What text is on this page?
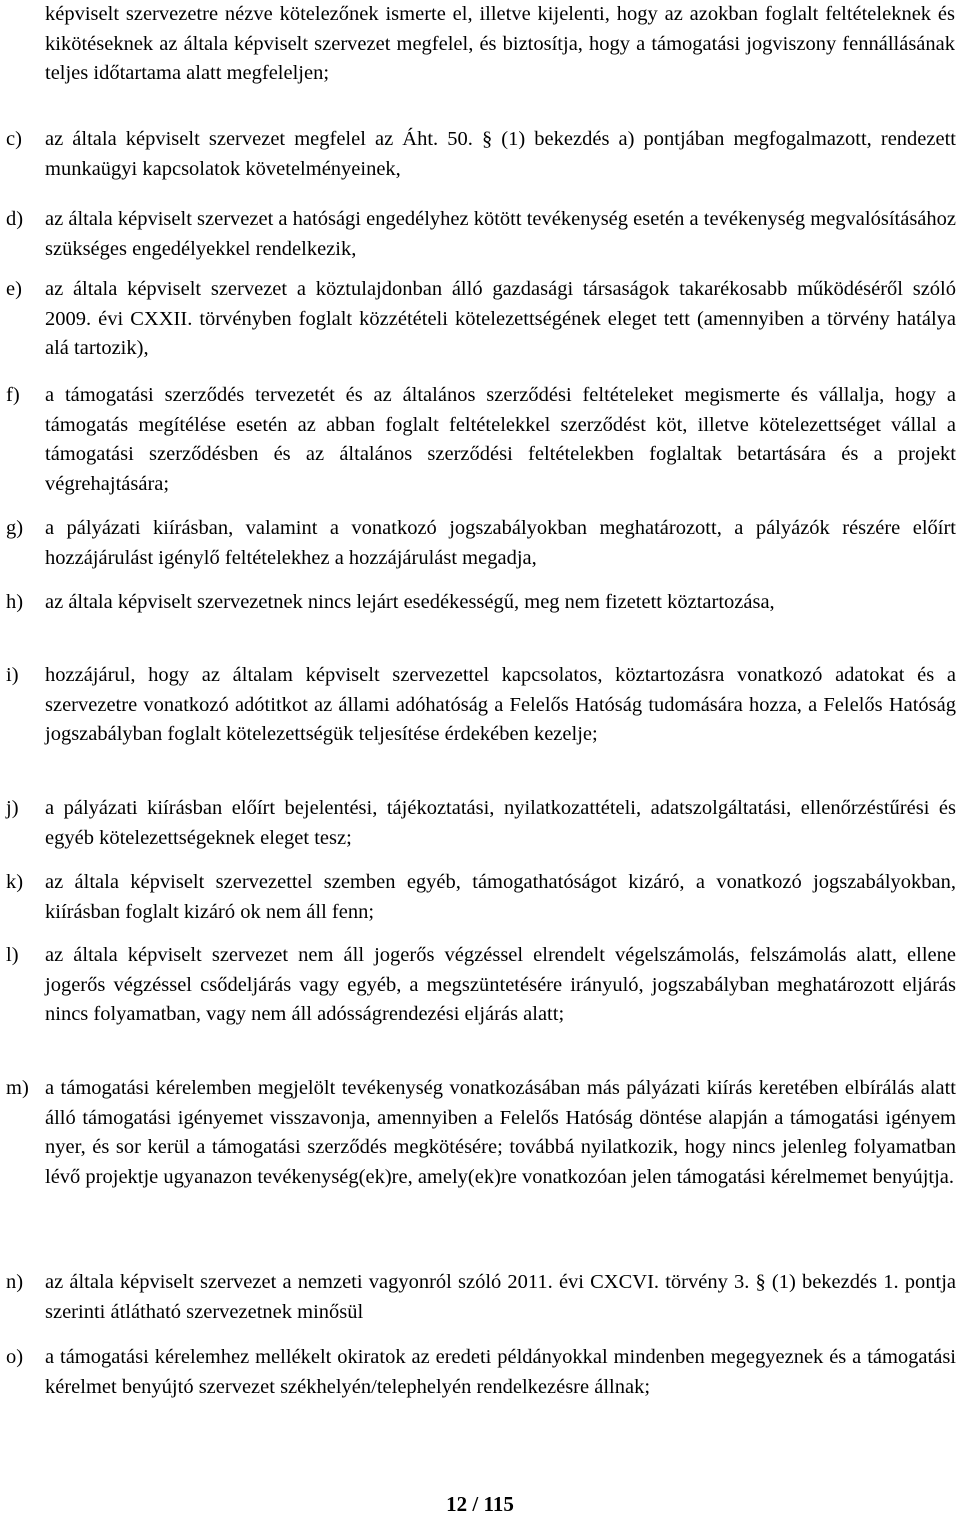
képviselt szervezetre nézve kötelezőnek ismerte el, illetve kijelenti, hogy az azokban foglalt feltételeknek és kikötéseknek az általa képviselt szervezet megfelel, és biztosítja, hogy a támogatási jogviszony fennállásának teljes időtartama alatt megfeleljen;
c)	az általa képviselt szervezet megfelel az Áht. 50. § (1) bekezdés a) pontjában megfogalmazott, rendezett munkaügyi kapcsolatok követelményeinek,
d)	az általa képviselt szervezet a hatósági engedélyhez kötött tevékenység esetén a tevékenység megvalósításához szükséges engedélyekkel rendelkezik,
e)	az általa képviselt szervezet a köztulajdonban álló gazdasági társaságok takarékosabb működéséről szóló 2009. évi CXXII. törvényben foglalt közzétételi kötelezettségének eleget tett (amennyiben a törvény hatálya alá tartozik),
f)	a támogatási szerződés tervezetét és az általános szerződési feltételeket megismerte és vállalja, hogy a támogatás megítélése esetén az abban foglalt feltételekkel szerződést köt, illetve kötelezettséget vállal a támogatási szerződésben és az általános szerződési feltételekben foglaltak betartására és a projekt végrehajtására;
g)	a pályázati kiírásban, valamint a vonatkozó jogszabályokban meghatározott, a pályázók részére előírt hozzájárulást igénylő feltételekhez a hozzájárulást megadja,
h)	az általa képviselt szervezetnek nincs lejárt esedékességű, meg nem fizetett köztartozása,
i)	hozzájárul, hogy az általam képviselt szervezettel kapcsolatos, köztartozásra vonatkozó adatokat és a szervezetre vonatkozó adótitkot az állami adóhatóság a Felelős Hatóság tudomására hozza, a Felelős Hatóság jogszabályban foglalt kötelezettségük teljesítése érdekében kezelje;
j)	a pályázati kiírásban előírt bejelentési, tájékoztatási, nyilatkozattételi, adatszolgáltatási, ellenőrzéstűrési és egyéb kötelezettségeknek eleget tesz;
k)	az általa képviselt szervezettel szemben egyéb, támogathatóságot kizáró, a vonatkozó jogszabályokban, kiírásban foglalt kizáró ok nem áll fenn;
l)	az általa képviselt szervezet nem áll jogerős végzéssel elrendelt végelszámolás, felszámolás alatt, ellene jogerős végzéssel csődeljárás vagy egyéb, a megszüntetésére irányuló, jogszabályban meghatározott eljárás nincs folyamatban, vagy nem áll adósságrendezési eljárás alatt;
m) a támogatási kérelemben megjelölt tevékenység vonatkozásában más pályázati kiírás keretében elbírálás alatt álló támogatási igényemet visszavonja, amennyiben a Felelős Hatóság döntése alapján a támogatási igényem nyer, és sor kerül a támogatási szerződés megkötésére; továbbá nyilatkozik, hogy nincs jelenleg folyamatban lévő projektje ugyanazon tevékenység(ek)re, amely(ek)re vonatkozóan jelen támogatási kérelmemet benyújtja.
n)	az általa képviselt szervezet a nemzeti vagyonról szóló 2011. évi CXCVI. törvény 3. § (1) bekezdés 1. pontja szerinti átlátható szervezetnek minősül
o)	a támogatási kérelemhez mellékelt okiratok az eredeti példányokkal mindenben megegyeznek és a támogatási kérelmet benyújtó szervezet székhelyén/telephelyén rendelkezésre állnak;
12 / 115
